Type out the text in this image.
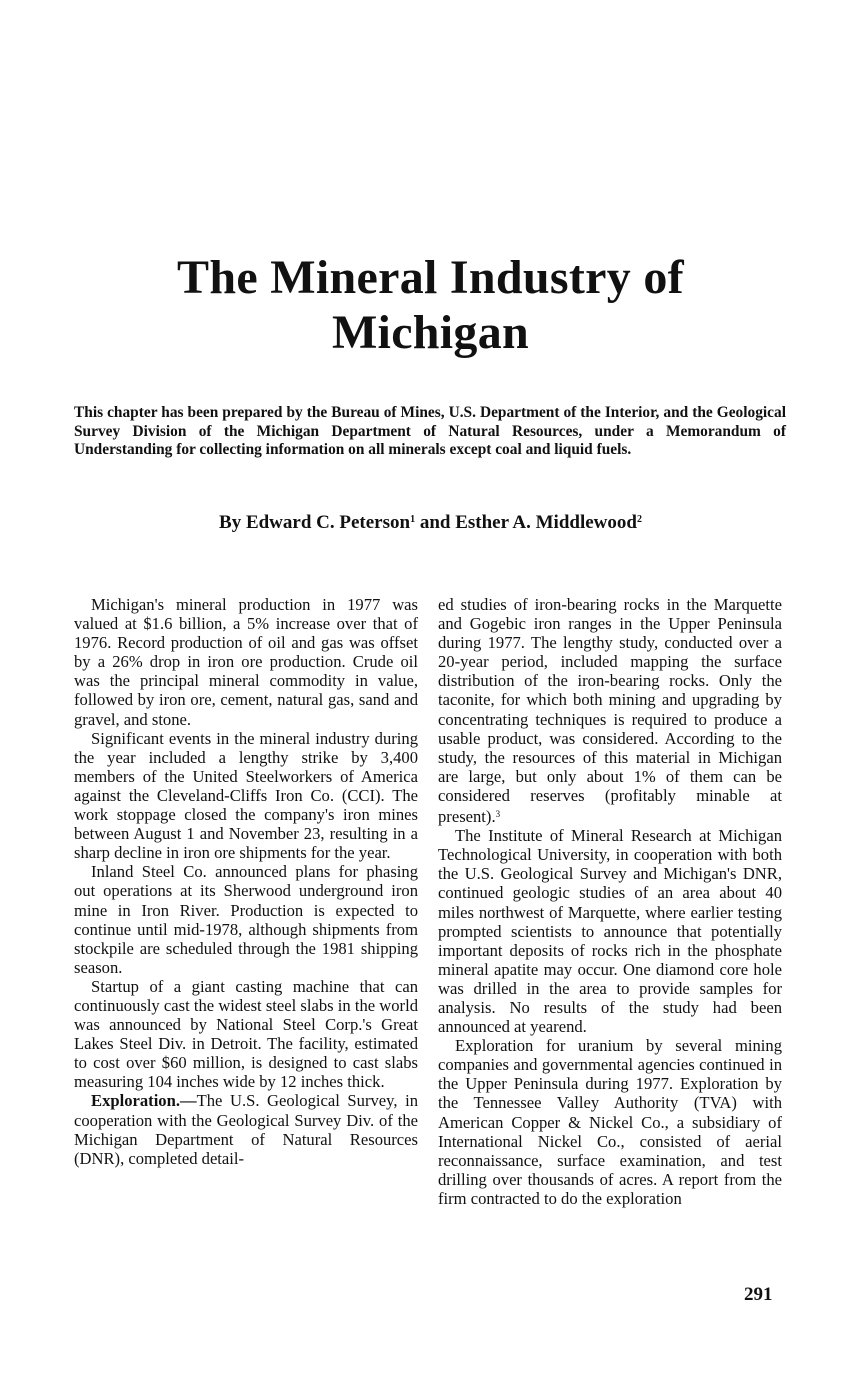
The Mineral Industry of
Michigan
This chapter has been prepared by the Bureau of Mines, U.S. Department of the Interior, and the Geological Survey Division of the Michigan Department of Natural Resources, under a Memorandum of Understanding for collecting information on all minerals except coal and liquid fuels.
By Edward C. Peterson$^1$ and Esther A. Middlewood$^2$

Michigan's mineral production in 1977 was valued at $1.6 billion, a 5% increase over that of 1976. Record production of oil and gas was offset by a 26% drop in iron ore production. Crude oil was the principal mineral commodity in value, followed by iron ore, cement, natural gas, sand and gravel, and stone.

Significant events in the mineral industry during the year included a lengthy strike by 3,400 members of the United Steelworkers of America against the Cleveland-Cliffs Iron Co. (CCI). The work stoppage closed the company's iron mines between August 1 and November 23, resulting in a sharp decline in iron ore shipments for the year.

Inland Steel Co. announced plans for phasing out operations at its Sherwood underground iron mine in Iron River. Production is expected to continue until mid-1978, although shipments from stockpile are scheduled through the 1981 shipping season.

Startup of a giant casting machine that can continuously cast the widest steel slabs in the world was announced by National Steel Corp.'s Great Lakes Steel Div. in Detroit. The facility, estimated to cost over $60 million, is designed to cast slabs measuring 104 inches wide by 12 inches thick.

Exploration.—The U.S. Geological Survey, in cooperation with the Geological Survey Div. of the Michigan Department of Natural Resources (DNR), completed detail-

ed studies of iron-bearing rocks in the Marquette and Gogebic iron ranges in the Upper Peninsula during 1977. The lengthy study, conducted over a 20-year period, included mapping the surface distribution of the iron-bearing rocks. Only the taconite, for which both mining and upgrading by concentrating techniques is required to produce a usable product, was considered. According to the study, the resources of this material in Michigan are large, but only about 1% of them can be considered reserves (profitably minable at present).$^3$

The Institute of Mineral Research at Michigan Technological University, in cooperation with both the U.S. Geological Survey and Michigan's DNR, continued geologic studies of an area about 40 miles northwest of Marquette, where earlier testing prompted scientists to announce that potentially important deposits of rocks rich in the phosphate mineral apatite may occur. One diamond core hole was drilled in the area to provide samples for analysis. No results of the study had been announced at yearend.

Exploration for uranium by several mining companies and governmental agencies continued in the Upper Peninsula during 1977. Exploration by the Tennessee Valley Authority (TVA) with American Copper & Nickel Co., a subsidiary of International Nickel Co., consisted of aerial reconnaissance, surface examination, and test drilling over thousands of acres. A report from the firm contracted to do the exploration

291
